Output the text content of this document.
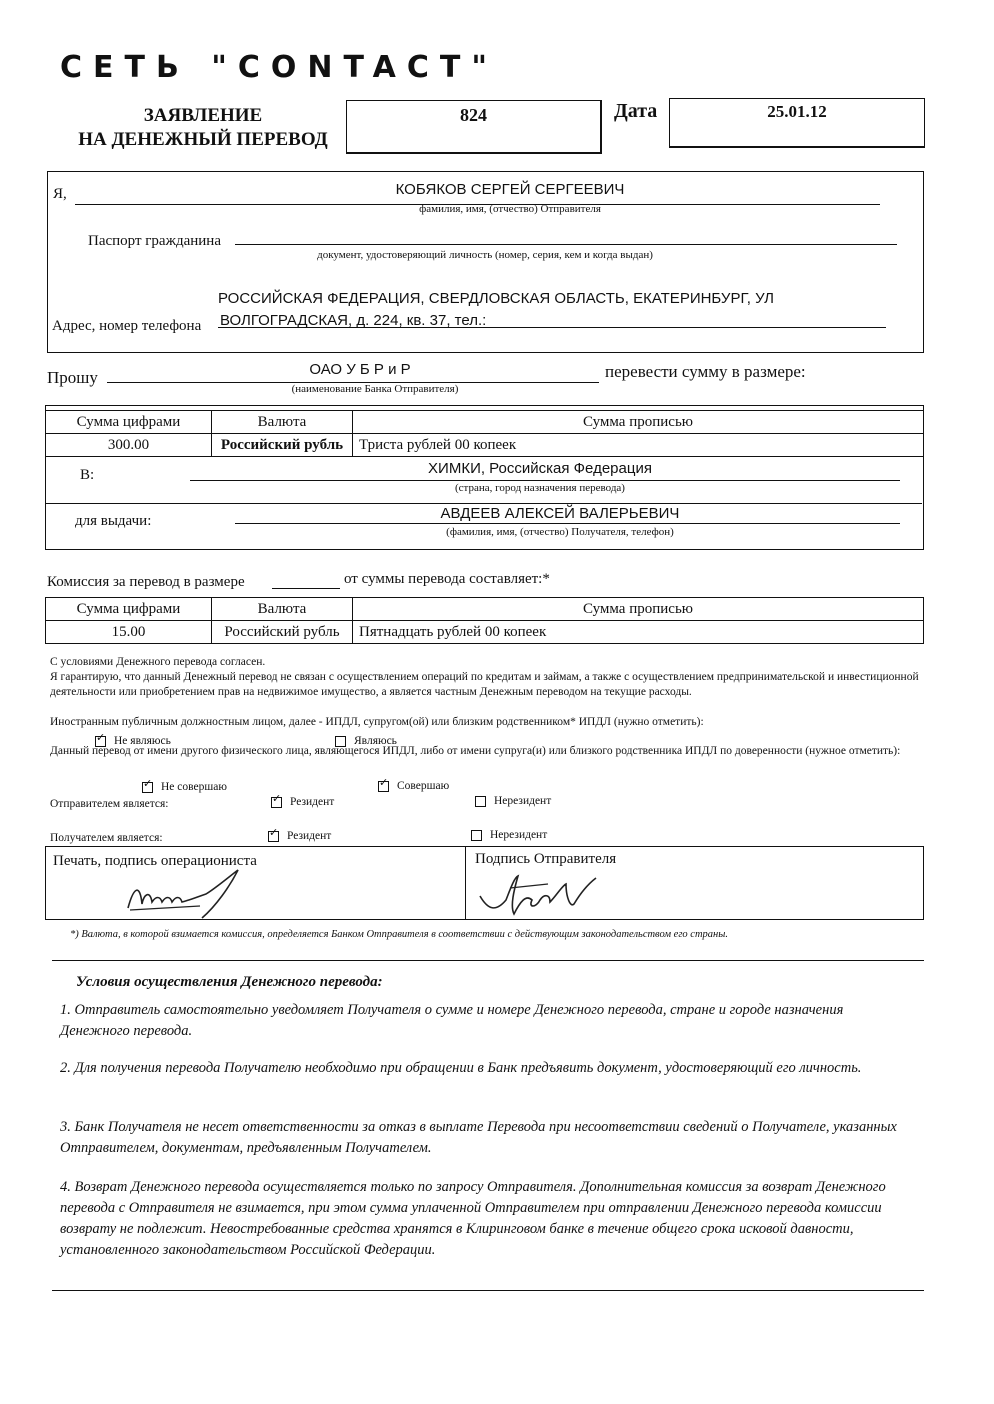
СЕТЬ "CONTACT"
ЗАЯВЛЕНИЕ
НА ДЕНЕЖНЫЙ ПЕРЕВОД
824	Дата	25.01.12
Я,	КОБЯКОВ СЕРГЕЙ СЕРГЕЕВИЧ
фамилия, имя, (отчество) Отправителя
Паспорт гражданина
документ, удостоверяющий личность (номер, серия, кем и когда выдан)
РОССИЙСКАЯ ФЕДЕРАЦИЯ, СВЕРДЛОВСКАЯ ОБЛАСТЬ, ЕКАТЕРИНБУРГ, УЛ
Адрес, номер телефона ВОЛГОГРАДСКАЯ, д. 224, кв. 37, тел.:
Прошу	ОАО У Б Р и Р
(наименование Банка Отправителя)
перевести сумму в размере:
Сумма цифрами	Валюта	Сумма прописью
300.00	Российский рубль	Триста рублей 00 копеек
В:	ХИМКИ, Российская Федерация
(страна, город назначения перевода)
для выдачи:	АВДЕЕВ АЛЕКСЕЙ ВАЛЕРЬЕВИЧ
(фамилия, имя, (отчество) Получателя, телефон)
Комиссия за перевод в размере	от суммы перевода составляет:*
Сумма цифрами	Валюта	Сумма прописью
15.00	Российский рубль	Пятнадцать рублей 00 копеек
С условиями Денежного перевода согласен.
Я гарантирую, что данный Денежный перевод не связан с осуществлением операций по кредитам и займам, а также с осуществлением предпринимательской и инвестиционной деятельности или приобретением прав на недвижимое имущество, а является частным Денежным переводом на текущие расходы.
Иностранным публичным должностным лицом, далее - ИПДЛ, супругом(ой) или близким родственником* ИПДЛ (нужно отметить):
✓Не являюсь	Являюсь
Данный перевод от имени другого физического лица, являющегося ИПДЛ, либо от имени супруга(и) или близкого родственника ИПДЛ по доверенности (нужное отметить):
✓Не совершаю ✓	Совершаю
Отправителем является: ✓	Резидент	Нерезидент
Получателем является: ✓	Резидент	Нерезидент
Печать, подпись операциониста	Подпись Отправителя
*) Валюта, в которой взимается комиссия, определяется Банком Отправителя в соответствии с действующим законодательством его страны.
Условия осуществления Денежного перевода:
1. Отправитель самостоятельно уведомляет Получателя о сумме и номере Денежного перевода, стране и городе назначения Денежного перевода.
2. Для получения перевода Получателю необходимо при обращении в Банк предъявить документ, удостоверяющий его личность.
3. Банк Получателя не несет ответственности за отказ в выплате Перевода при несоответствии сведений о Получателе, указанных Отправителем, документам, предъявленным Получателем.
4. Возврат Денежного перевода осуществляется только по запросу Отправителя. Дополнительная комиссия за возврат Денежного перевода с Отправителя не взимается, при этом сумма уплаченной Отправителем при отправлении Денежного перевода комиссии возврату не подлежит. Невостребованные средства хранятся в Клиринговом банке в течение общего срока исковой давности, установленного законодательством Российской Федерации.
